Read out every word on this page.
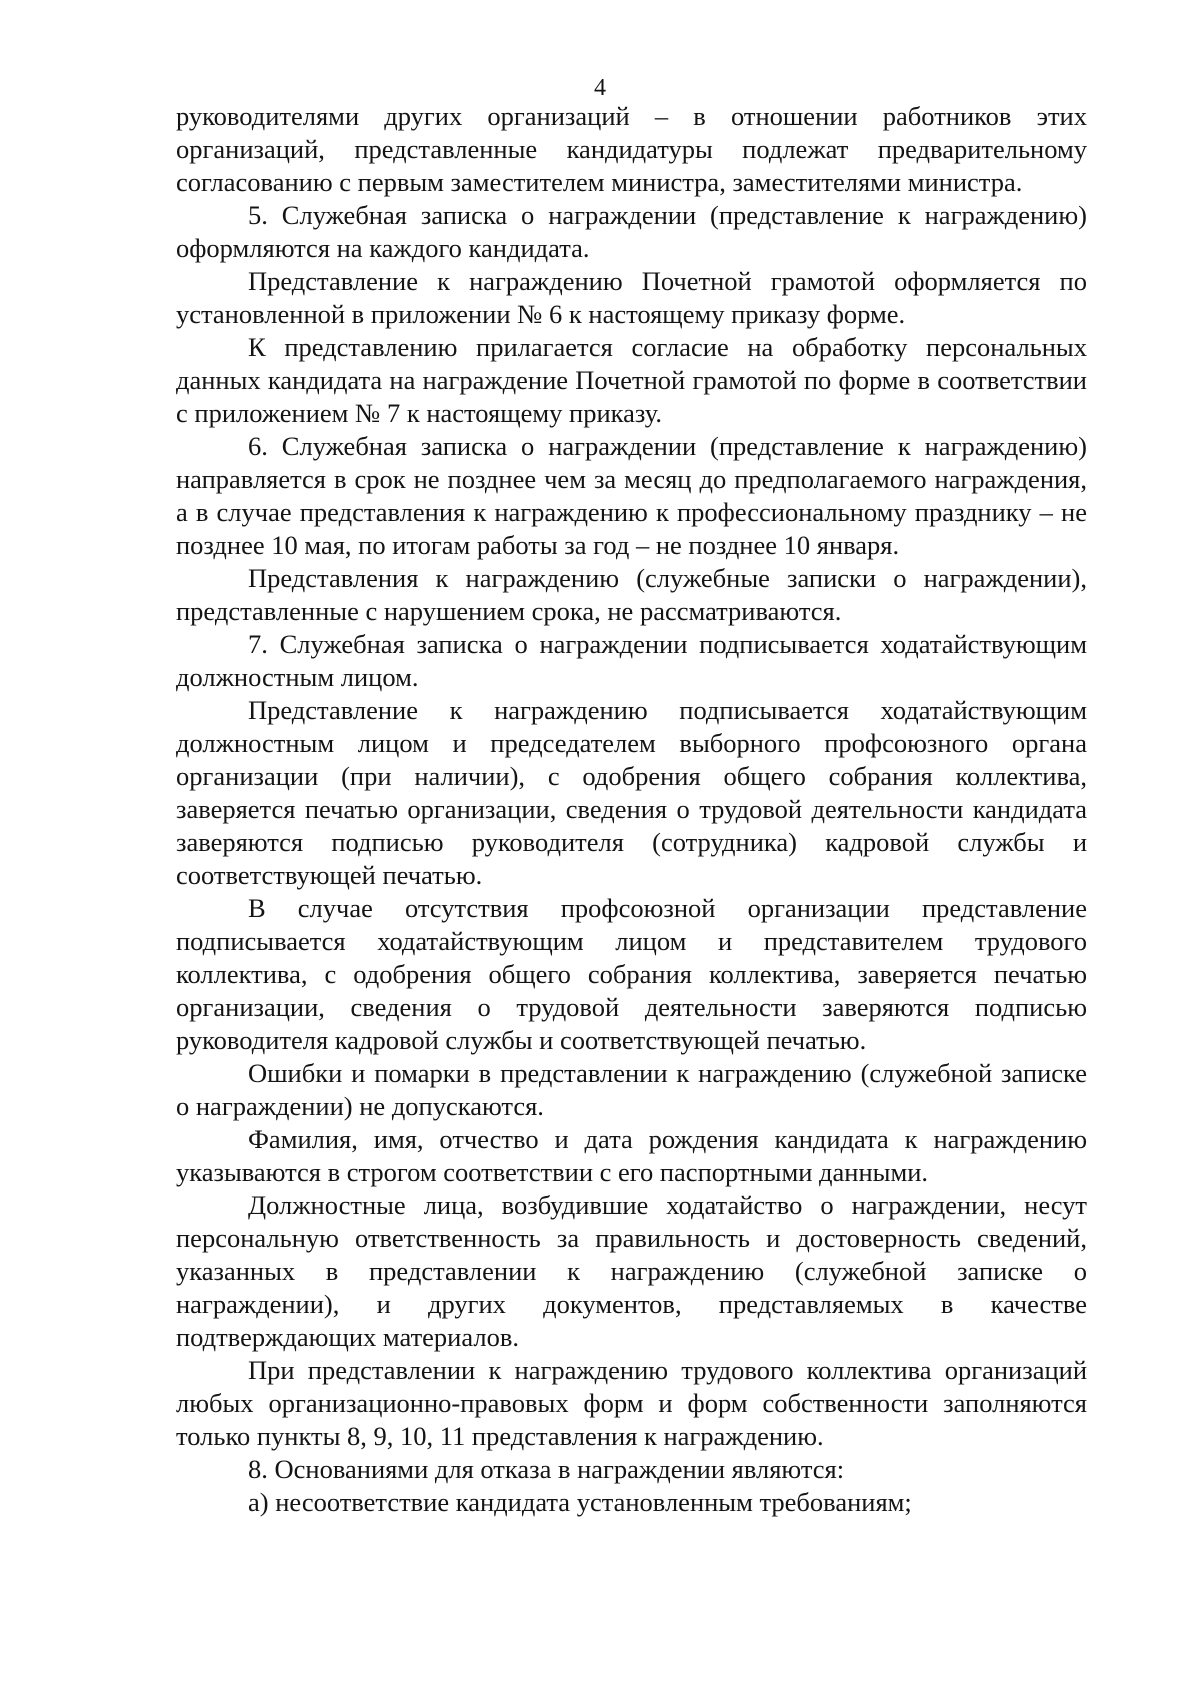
4

руководителями других организаций – в отношении работников этих организаций, представленные кандидатуры подлежат предварительному согласованию с первым заместителем министра, заместителями министра.

5. Служебная записка о награждении (представление к награждению) оформляются на каждого кандидата.

Представление к награждению Почетной грамотой оформляется по установленной в приложении № 6 к настоящему приказу форме.

К представлению прилагается согласие на обработку персональных данных кандидата на награждение Почетной грамотой по форме в соответствии с приложением № 7 к настоящему приказу.

6. Служебная записка о награждении (представление к награждению) направляется в срок не позднее чем за месяц до предполагаемого награждения, а в случае представления к награждению к профессиональному празднику – не позднее 10 мая, по итогам работы за год – не позднее 10 января.

Представления к награждению (служебные записки о награждении), представленные с нарушением срока, не рассматриваются.

7. Служебная записка о награждении подписывается ходатайствующим должностным лицом.

Представление к награждению подписывается ходатайствующим должностным лицом и председателем выборного профсоюзного органа организации (при наличии), с одобрения общего собрания коллектива, заверяется печатью организации, сведения о трудовой деятельности кандидата заверяются подписью руководителя (сотрудника) кадровой службы и соответствующей печатью.

В случае отсутствия профсоюзной организации представление подписывается ходатайствующим лицом и представителем трудового коллектива, с одобрения общего собрания коллектива, заверяется печатью организации, сведения о трудовой деятельности заверяются подписью руководителя кадровой службы и соответствующей печатью.

Ошибки и помарки в представлении к награждению (служебной записке о награждении) не допускаются.

Фамилия, имя, отчество и дата рождения кандидата к награждению указываются в строгом соответствии с его паспортными данными.

Должностные лица, возбудившие ходатайство о награждении, несут персональную ответственность за правильность и достоверность сведений, указанных в представлении к награждению (служебной записке о награждении), и других документов, представляемых в качестве подтверждающих материалов.

При представлении к награждению трудового коллектива организаций любых организационно-правовых форм и форм собственности заполняются только пункты 8, 9, 10, 11 представления к награждению.

8. Основаниями для отказа в награждении являются:

а) несоответствие кандидата установленным требованиям;
